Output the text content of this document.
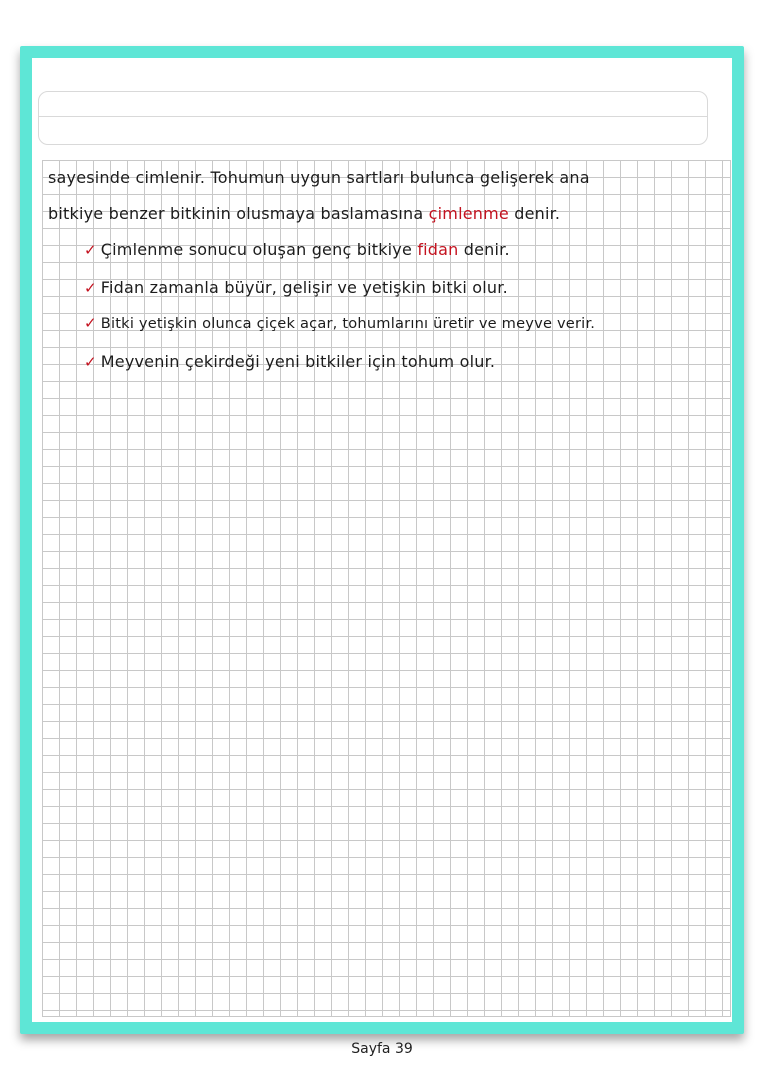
sayesinde cimlenir. Tohumun uygun sartları bulunca gelişerek ana
bitkiye benzer bitkinin olusmaya baslamasına çimlenme denir.
✓ Çimlenme sonucu oluşan genç bitkiye fidan denir.
✓ Fidan zamanla büyür, gelişir ve yetişkin bitki olur.
✓ Bitki yetişkin olunca çiçek açar, tohumlarını üretir ve meyve verir.
✓ Meyvenin çekirdeği yeni bitkiler için tohum olur.
Sayfa 39
